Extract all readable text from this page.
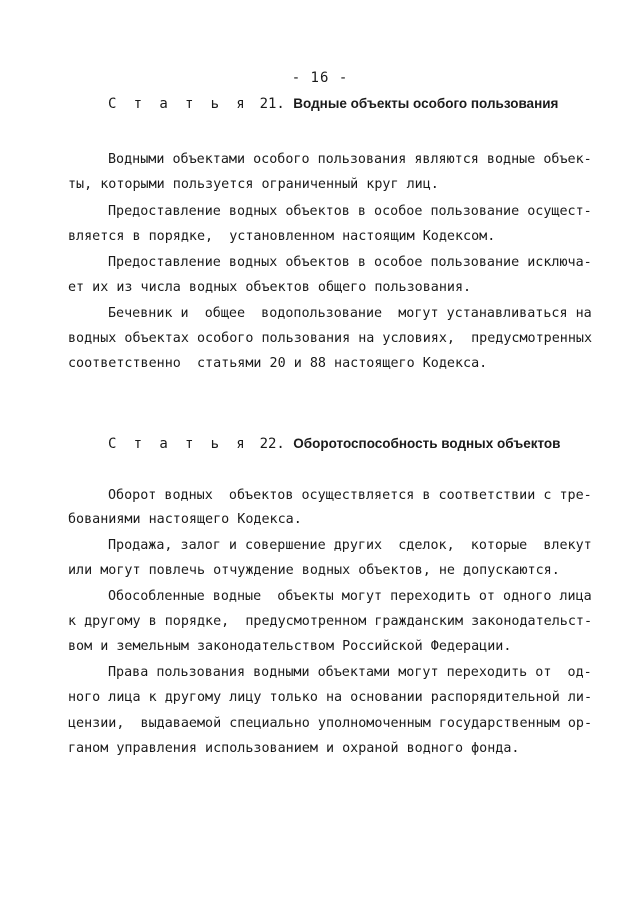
- 16 -
С т а т ь я 21. Водные объекты особого пользования
Водными объектами особого пользования являются водные объек-
ты, которыми пользуется ограниченный круг лиц.
Предоставление водных объектов в особое пользование осущест-
вляется в порядке,  установленном настоящим Кодексом.
Предоставление водных объектов в особое пользование исключа-
ет их из числа водных объектов общего пользования.
Бечевник и  общее  водопользование  могут устанавливаться на
водных объектах особого пользования на условиях,  предусмотренных
соответственно  статьями 20 и 88 настоящего Кодекса.
С т а т ь я 22. Оборотоспособность водных объектов
Оборот водных  объектов осуществляется в соответствии с тре-
бованиями настоящего Кодекса.
Продажа, залог и совершение других  сделок,  которые  влекут
или могут повлечь отчуждение водных объектов, не допускаются.
Обособленные водные  объекты могут переходить от одного лица
к другому в порядке,  предусмотренном гражданским законодательст-
вом и земельным законодательством Российской Федерации.
Права пользования водными объектами могут переходить от  од-
ного лица к другому лицу только на основании распорядительной ли-
цензии,  выдаваемой специально уполномоченным государственным ор-
ганом управления использованием и охраной водного фонда.
